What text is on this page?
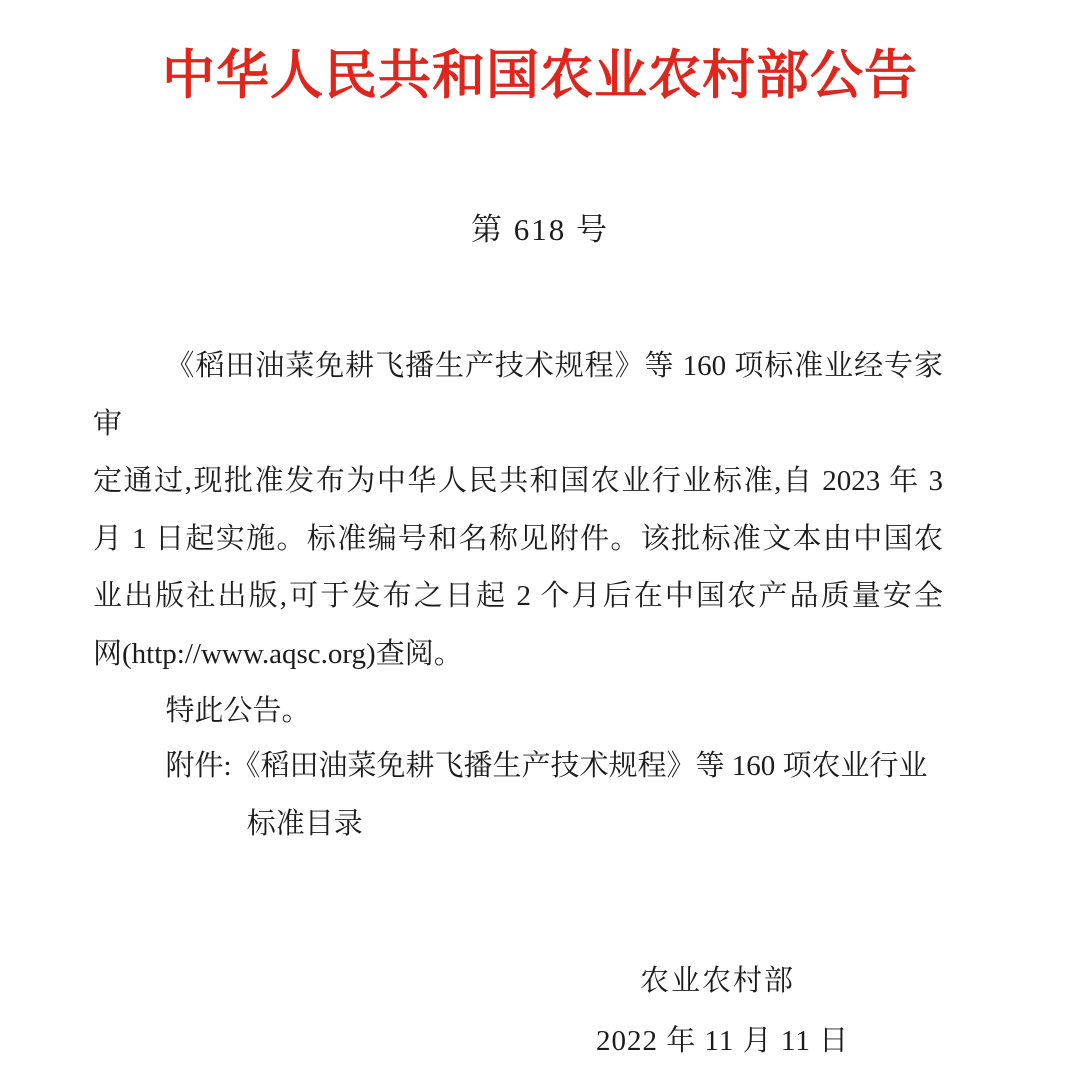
中华人民共和国农业农村部公告
第 618 号
《稻田油菜免耕飞播生产技术规程》等 160 项标准业经专家审
定通过,现批准发布为中华人民共和国农业行业标准,自 2023 年 3
月 1 日起实施。标准编号和名称见附件。该批标准文本由中国农
业出版社出版,可于发布之日起 2 个月后在中国农产品质量安全
网(http://www.aqsc.org)查阅。
特此公告。
附件:《稻田油菜免耕飞播生产技术规程》等 160 项农业行业
标准目录
农业农村部
2022 年 11 月 11 日
